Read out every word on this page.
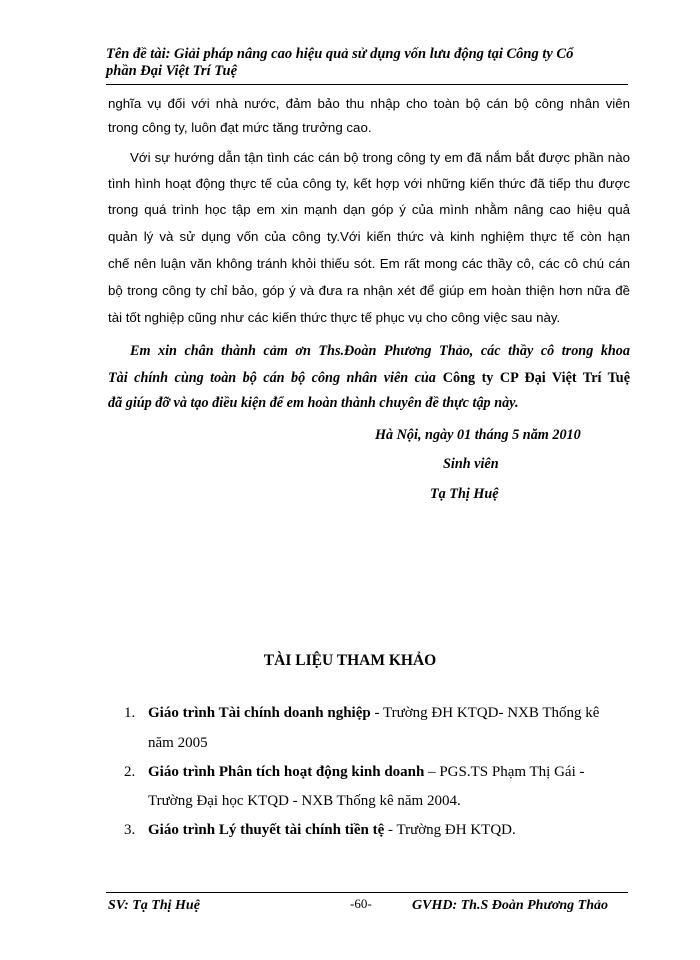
Tên đề tài: Giải pháp nâng cao hiệu quả sử dụng vốn lưu động tại Công ty Cổ
phần Đại Việt Trí Tuệ
nghĩa vụ đối với nhà nước, đảm bảo thu nhập cho toàn bộ cán bộ công nhân viên
trong công ty, luôn đạt mức tăng trưởng cao.
Với sự hướng dẫn tận tình các cán bộ trong công ty em đã nắm bắt được phần nào
tình hình hoạt động thực tế của công ty, kết hợp với những kiến thức đã tiếp thu được
trong quá trình học tập em xin mạnh dạn góp ý của mình nhằm nâng cao hiệu quả
quản lý và sử dụng vốn của công ty.Với kiến thức và kinh nghiệm thực tế còn hạn
chế nên luận văn không tránh khỏi thiếu sót. Em rất mong các thầy cô, các cô chú cán
bộ trong công ty chỉ bảo, góp ý và đưa ra nhận xét để giúp em hoàn thiện hơn nữa đề
tài tốt nghiệp cũng như các kiến thức thực tế phục vụ cho công việc sau này.
Em xin chân thành cảm ơn Ths.Đoàn Phương Thảo, các thầy cô trong khoa
Tài chính cùng toàn bộ cán bộ công nhân viên của Công ty CP Đại Việt Trí Tuệ
đã giúp đỡ và tạo điều kiện để em hoàn thành chuyên đề thực tập này.
Hà Nội, ngày 01 tháng 5 năm 2010
Sinh viên
Tạ Thị Huệ
TÀI LIỆU THAM KHẢO
1. Giáo trình Tài chính doanh nghiệp - Trường ĐH KTQD- NXB Thống kê
năm 2005
2. Giáo trình Phân tích hoạt động kinh doanh – PGS.TS Phạm Thị Gái -
Trường Đại học KTQD - NXB Thống kê năm 2004.
3. Giáo trình Lý thuyết tài chính tiền tệ - Trường ĐH KTQD.
SV: Tạ Thị Huệ	-60-	GVHD: Th.S Đoàn Phương Thảo
